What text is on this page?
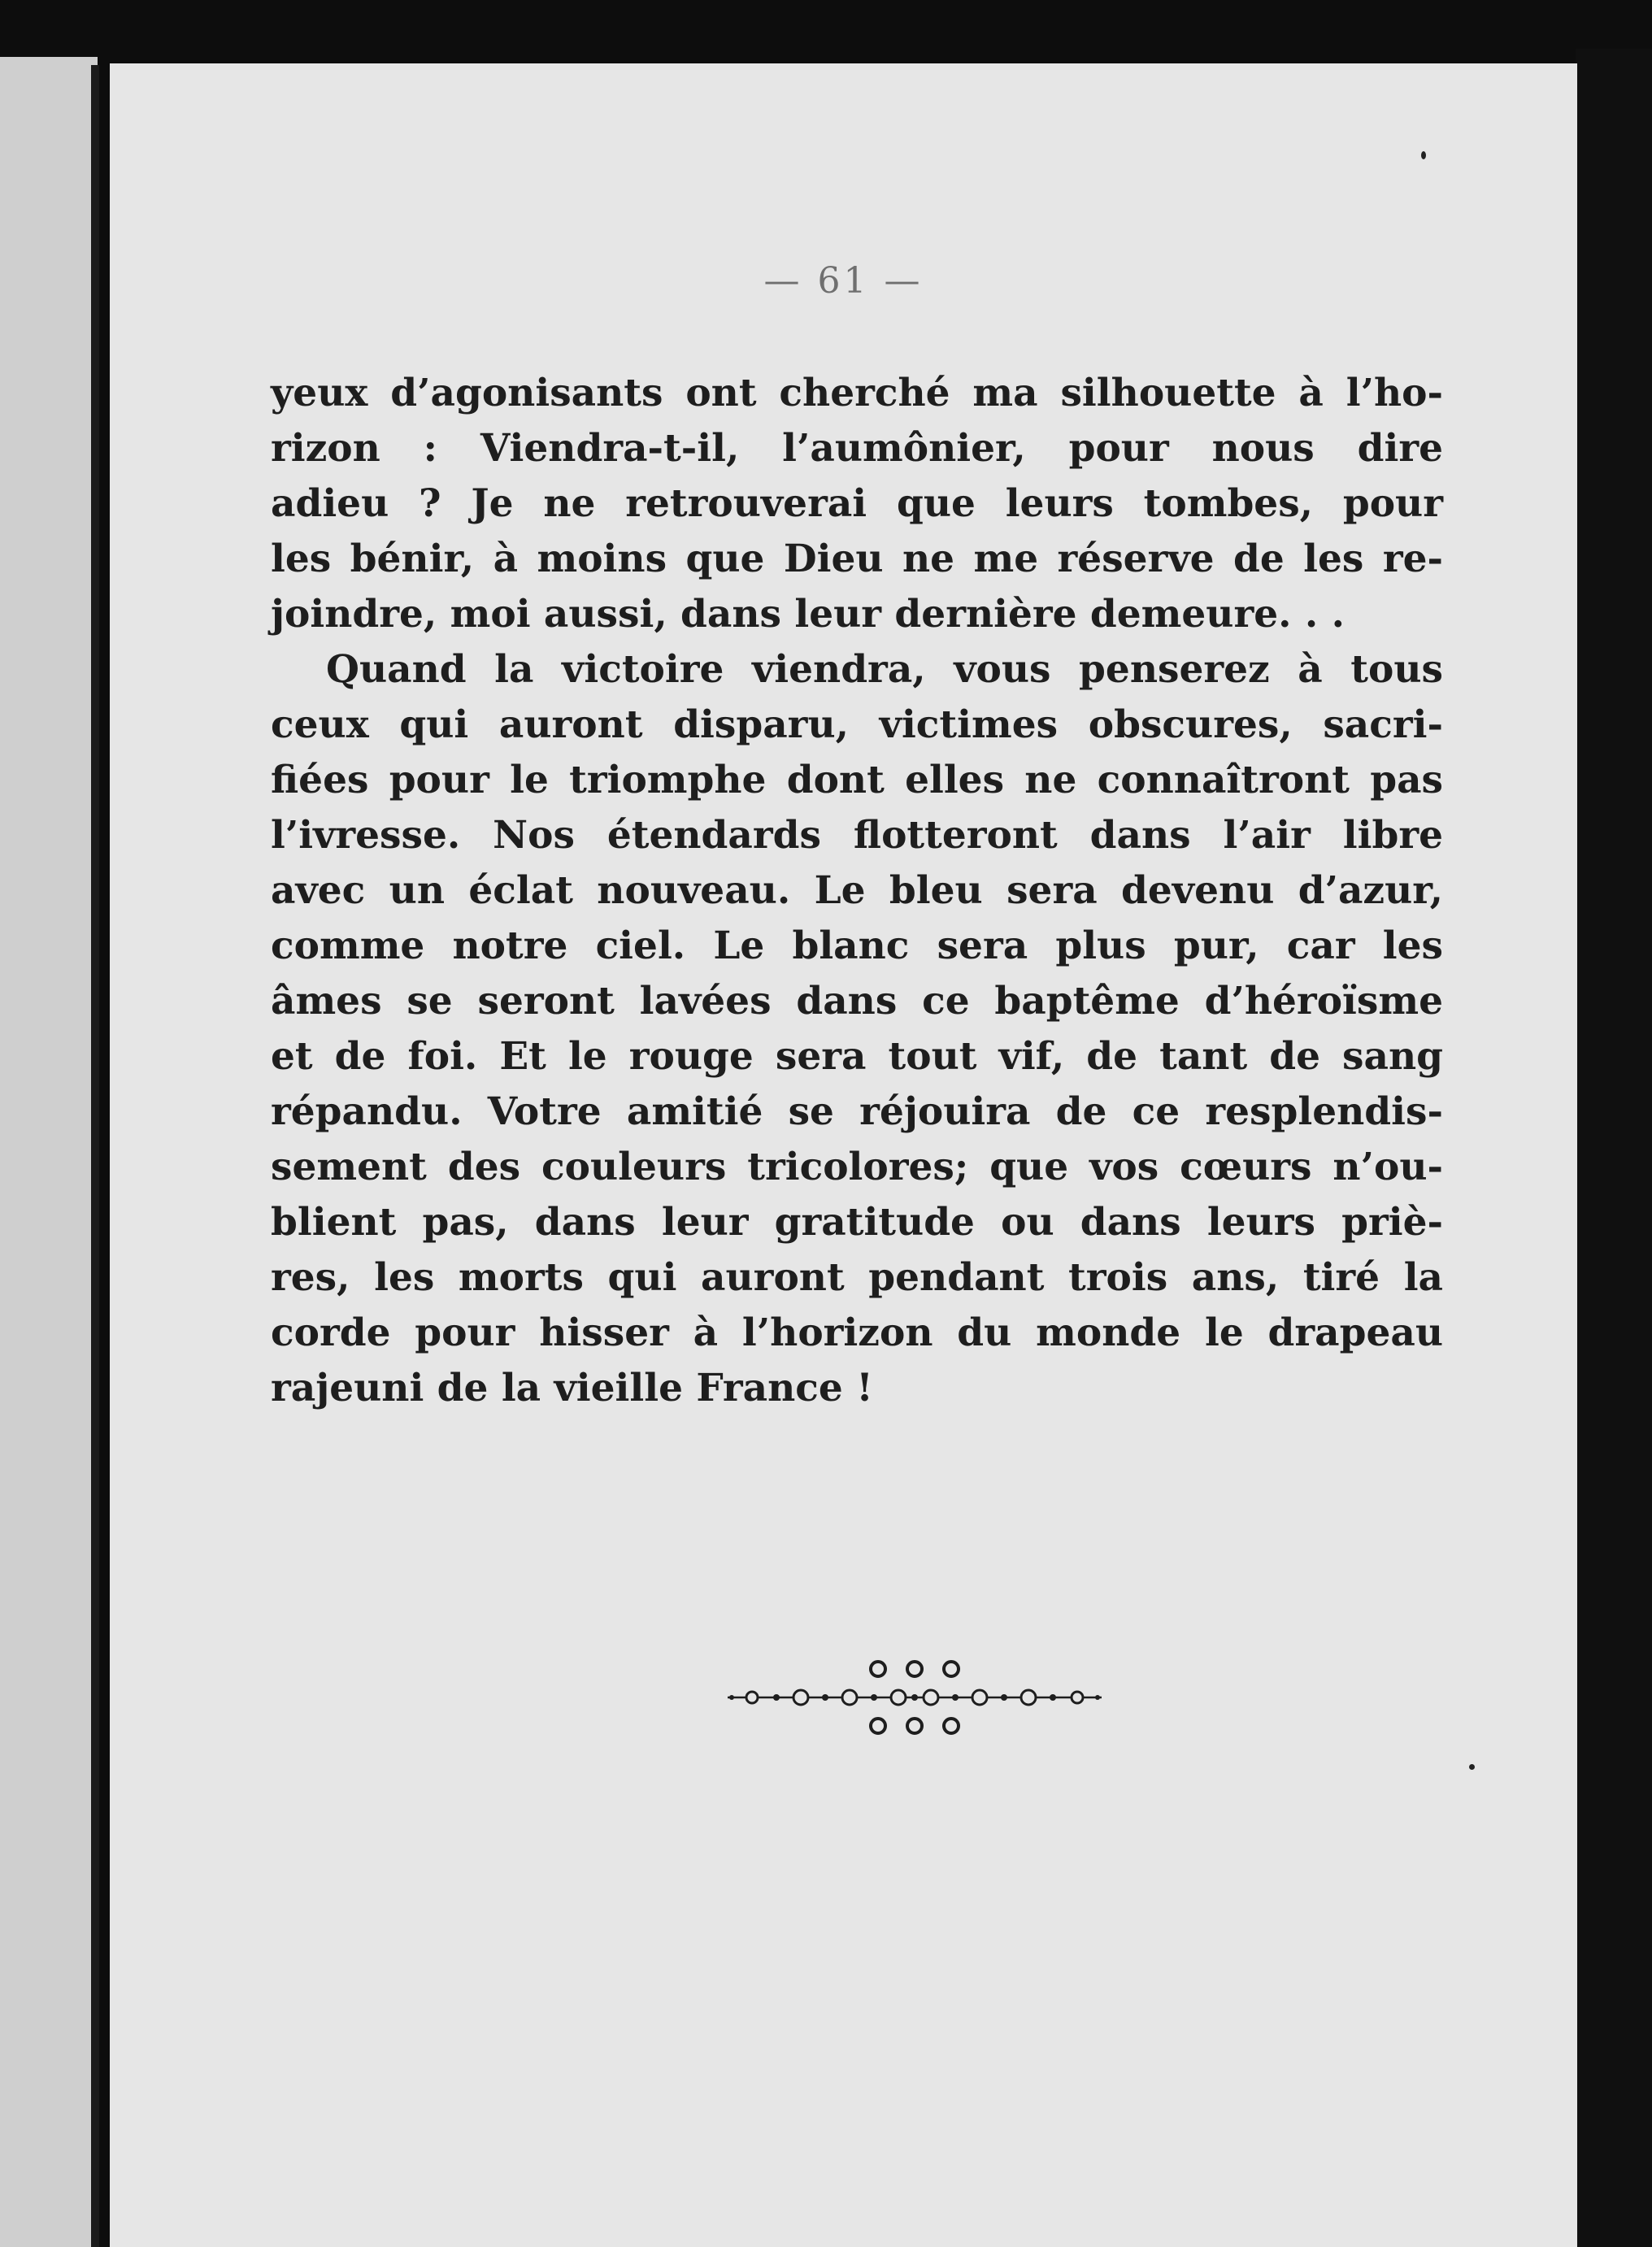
— 61 —
yeux d’agonisants ont cherché ma silhouette à l’ho-
rizon : Viendra-t-il, l’aumônier, pour nous dire
adieu ? Je ne retrouverai que leurs tombes, pour
les bénir, à moins que Dieu ne me réserve de les re-
joindre, moi aussi, dans leur dernière demeure. . .
Quand la victoire viendra, vous penserez à tous
ceux qui auront disparu, victimes obscures, sacri-
fiées pour le triomphe dont elles ne connaîtront pas
l’ivresse. Nos étendards flotteront dans l’air libre
avec un éclat nouveau. Le bleu sera devenu d’azur,
comme notre ciel. Le blanc sera plus pur, car les
âmes se seront lavées dans ce baptême d’héroïsme
et de foi. Et le rouge sera tout vif, de tant de sang
répandu. Votre amitié se réjouira de ce resplendis-
sement des couleurs tricolores; que vos cœurs n’ou-
blient pas, dans leur gratitude ou dans leurs priè-
res, les morts qui auront pendant trois ans, tiré la
corde pour hisser à l’horizon du monde le drapeau
rajeuni de la vieille France !
